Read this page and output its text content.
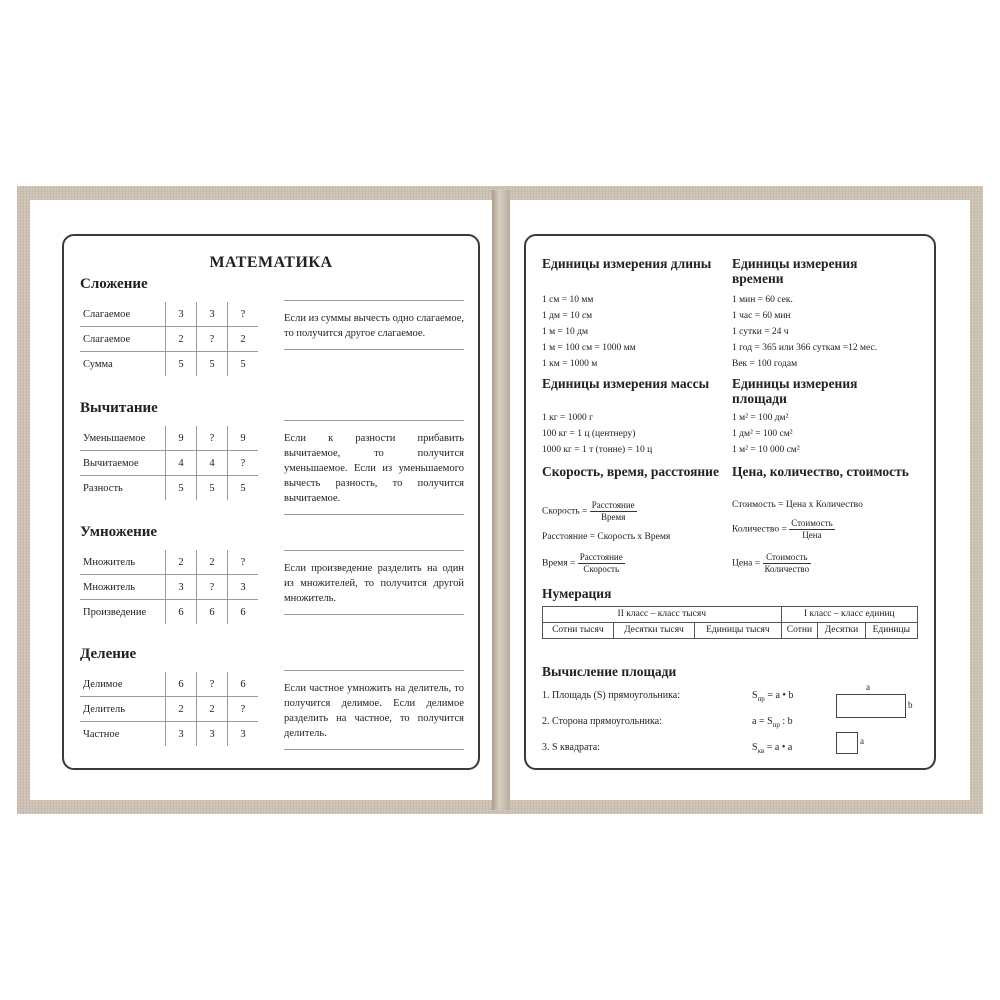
МАТЕМАТИКА
Сложение
Слагаемое	3	3	?
Слагаемое	2	?	2
Сумма	5	5	5
Если из суммы вычесть одно слагаемое, то получится другое слагаемое.
Вычитание
Уменьшаемое	9	?	9
Вычитаемое	4	4	?
Разность	5	5	5
Если к разности прибавить вычитаемое, то получится уменьшаемое. Если из уменьшаемого вычесть разность, то получится вычитаемое.
Умножение
Множитель	2	2	?
Множитель	3	?	3
Произведение	6	6	6
Если произведение разделить на один из множителей, то получится другой множитель.
Деление
Делимое	6	?	6
Делитель	2	2	?
Частное	3	3	3
Если частное умножить на делитель, то получится делимое. Если делимое разделить на частное, то получится делитель.
Единицы измерения длины
1 см = 10 мм
1 дм = 10 см
1 м = 10 дм
1 м = 100 см = 1000 мм
1 км = 1000 м
Единицы измерения времени
1 мин = 60 сек.
1 час = 60 мин
1 сутки = 24 ч
1 год = 365 или 366 суткам =12 мес.
Век = 100 годам
Единицы измерения массы
1 кг = 1000 г
100 кг = 1 ц (центнеру)
1000 кг = 1 т (тонне) = 10 ц
Единицы измерения площади
1 м² = 100 дм²
1 дм² = 100 см²
1 м² = 10 000 см²
Скорость, время, расстояние
Скорость = $\frac{\text{Расстояние}}{\text{Время}}$
Расстояние = Скорость x Время
Время = $\frac{\text{Расстояние}}{\text{Скорость}}$
Цена, количество, стоимость
Стоимость = Цена x Количество
Количество = $\frac{\text{Стоимость}}{\text{Цена}}$
Цена = $\frac{\text{Стоимость}}{\text{Количество}}$
Нумерация
II класс – класс тысяч			I класс – класс единиц		
Сотни тысяч	Десятки тысяч	Единицы тысяч	Сотни	Десятки	Единицы
Вычисление площади
1. Площадь (S) прямоугольника:	$S_{пр} = a$ • b
2. Сторона прямоугольника:	$a = S_{пр}$ : b
3. S квадрата:	$S_{кв} = a$ • a
a
b
a
